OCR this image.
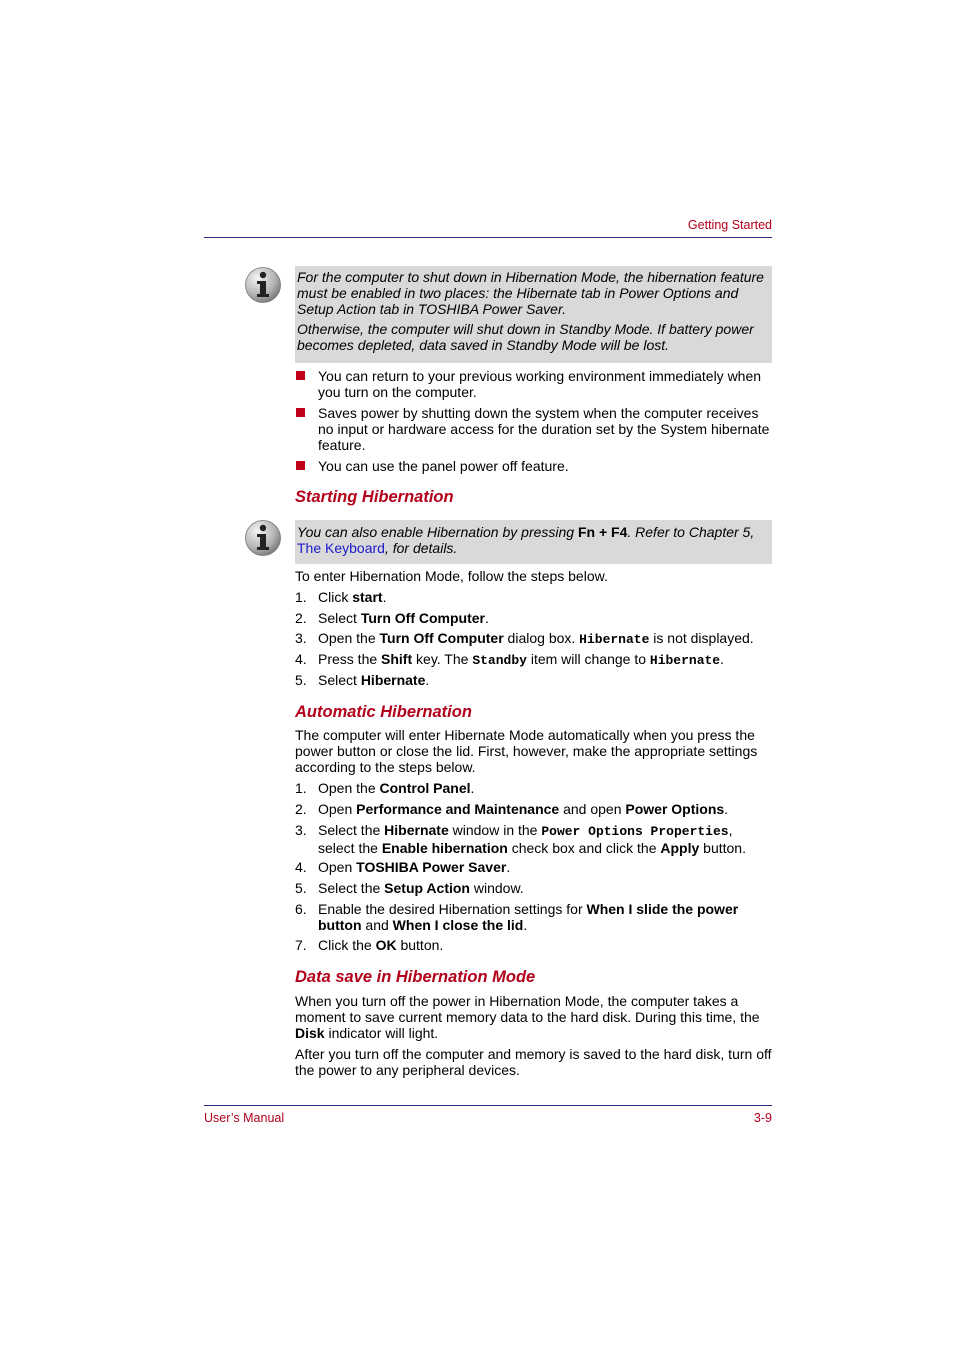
Getting Started

For the computer to shut down in Hibernation Mode, the hibernation feature must be enabled in two places: the Hibernate tab in Power Options and Setup Action tab in TOSHIBA Power Saver.

Otherwise, the computer will shut down in Standby Mode. If battery power becomes depleted, data saved in Standby Mode will be lost.

You can return to your previous working environment immediately when you turn on the computer.
Saves power by shutting down the system when the computer receives no input or hardware access for the duration set by the System hibernate feature.
You can use the panel power off feature.
Starting Hibernation

You can also enable Hibernation by pressing Fn + F4. Refer to Chapter 5, The Keyboard, for details.

To enter Hibernation Mode, follow the steps below.
1. Click start.
2. Select Turn Off Computer.
3. Open the Turn Off Computer dialog box. Hibernate is not displayed.
4. Press the Shift key. The Standby item will change to Hibernate.
5. Select Hibernate.
Automatic Hibernation
The computer will enter Hibernate Mode automatically when you press the power button or close the lid. First, however, make the appropriate settings according to the steps below.
1. Open the Control Panel.
2. Open Performance and Maintenance and open Power Options.
3. Select the Hibernate window in the Power Options Properties, select the Enable hibernation check box and click the Apply button.
4. Open TOSHIBA Power Saver.
5. Select the Setup Action window.
6. Enable the desired Hibernation settings for When I slide the power button and When I close the lid.
7. Click the OK button.
Data save in Hibernation Mode
When you turn off the power in Hibernation Mode, the computer takes a moment to save current memory data to the hard disk. During this time, the Disk indicator will light.
After you turn off the computer and memory is saved to the hard disk, turn off the power to any peripheral devices.
User’s Manual	3-9
